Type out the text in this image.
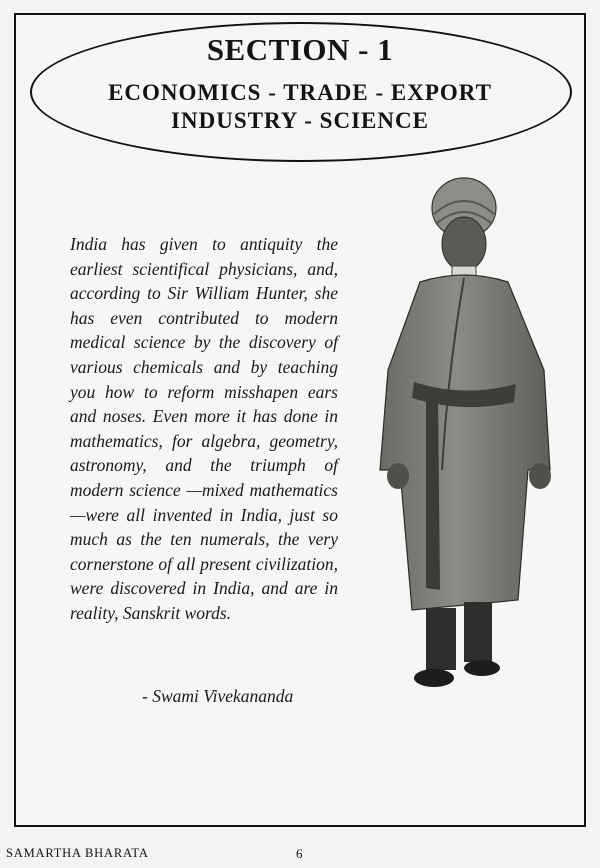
SECTION - 1
ECONOMICS - TRADE - EXPORT
INDUSTRY - SCIENCE
India has given to antiquity the earliest scientifical physicians, and, according to Sir William Hunter, she has even contributed to modern medical science by the discovery of various chemicals and by teaching you how to reform misshapen ears and noses. Even more it has done in mathematics, for algebra, geometry, astronomy, and the triumph of modern science —mixed mathematics —were all invented in India, just so much as the ten numerals, the very cornerstone of all present civilization, were discovered in India, and are in reality, Sanskrit words.
- Swami Vivekananda
SAMARTHA BHARATA	6
